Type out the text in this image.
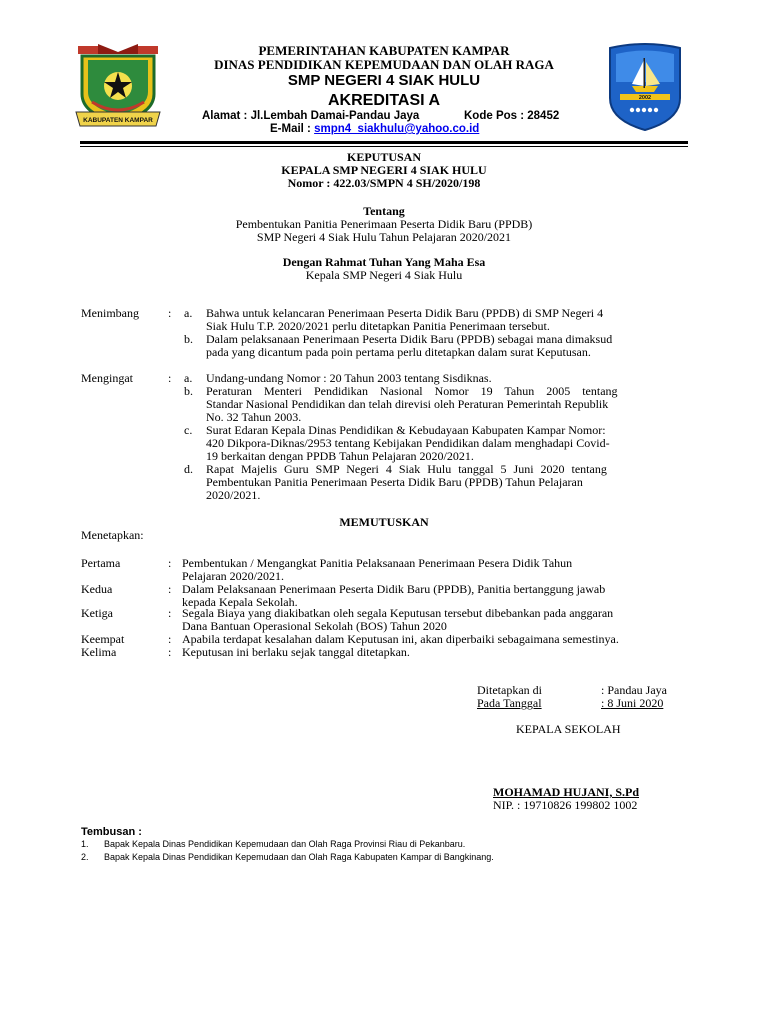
KABUPATEN KAMPAR
2002
PEMERINTAHAN KABUPATEN KAMPAR
DINAS PENDIDIKAN KEPEMUDAAN DAN OLAH RAGA
SMP NEGERI 4 SIAK HULU
AKREDITASI A
Alamat : Jl.Lembah Damai-Pandau Jaya	Kode Pos : 28452
E-Mail : smpn4_siakhulu@yahoo.co.id
KEPUTUSAN
KEPALA SMP NEGERI 4 SIAK HULU
Nomor : 422.03/SMPN 4 SH/2020/198
Tentang
Pembentukan Panitia Penerimaan Peserta Didik Baru (PPDB)
SMP Negeri 4 Siak Hulu Tahun Pelajaran 2020/2021
Dengan Rahmat Tuhan Yang Maha Esa
Kepala SMP Negeri 4 Siak Hulu
Menimbang : a. Bahwa untuk kelancaran Penerimaan Peserta Didik Baru (PPDB) di SMP Negeri 4
Siak Hulu T.P. 2020/2021 perlu ditetapkan Panitia Penerimaan tersebut.
b. Dalam pelaksanaan Penerimaan Peserta Didik Baru (PPDB) sebagai mana dimaksud
pada yang dicantum pada poin pertama perlu ditetapkan dalam surat Keputusan.
Mengingat	: a. Undang-undang Nomor : 20 Tahun 2003 tentang Sisdiknas.
b. Peraturan Menteri Pendidikan Nasional Nomor 19 Tahun 2005 tentang
Standar Nasional Pendidikan dan telah direvisi oleh Peraturan Pemerintah Republik
No. 32 Tahun 2003.
c. Surat Edaran Kepala Dinas Pendidikan & Kebudayaan Kabupaten Kampar Nomor:
420 Dikpora-Diknas/2953 tentang Kebijakan Pendidikan dalam menghadapi Covid-
19 berkaitan dengan PPDB Tahun Pelajaran 2020/2021.
d. Rapat Majelis Guru SMP Negeri 4 Siak Hulu tanggal 5 Juni 2020 tentang
Pembentukan Panitia Penerimaan Peserta Didik Baru (PPDB) Tahun Pelajaran
2020/2021.
MEMUTUSKAN
Menetapkan:
Pertama	: Pembentukan / Mengangkat Panitia Pelaksanaan Penerimaan Pesera Didik Tahun
Pelajaran 2020/2021.
Kedua	: Dalam Pelaksanaan Penerimaan Peserta Didik Baru (PPDB), Panitia bertanggung jawab
kepada Kepala Sekolah.
Ketiga	: Segala Biaya yang diakibatkan oleh segala Keputusan tersebut dibebankan pada anggaran
Dana Bantuan Operasional Sekolah (BOS) Tahun 2020
Keempat	: Apabila terdapat kesalahan dalam Keputusan ini, akan diperbaiki sebagaimana semestinya.
Kelima	: Keputusan ini berlaku sejak tanggal ditetapkan.
Ditetapkan di	: Pandau Jaya
Pada Tanggal	: 8 Juni 2020
KEPALA SEKOLAH
MOHAMAD HUJANI, S.Pd
NIP. : 19710826 199802 1002
Tembusan :
1. Bapak Kepala Dinas Pendidikan Kepemudaan dan Olah Raga Provinsi Riau di Pekanbaru.
2. Bapak Kepala Dinas Pendidikan Kepemudaan dan Olah Raga Kabupaten Kampar di Bangkinang.
